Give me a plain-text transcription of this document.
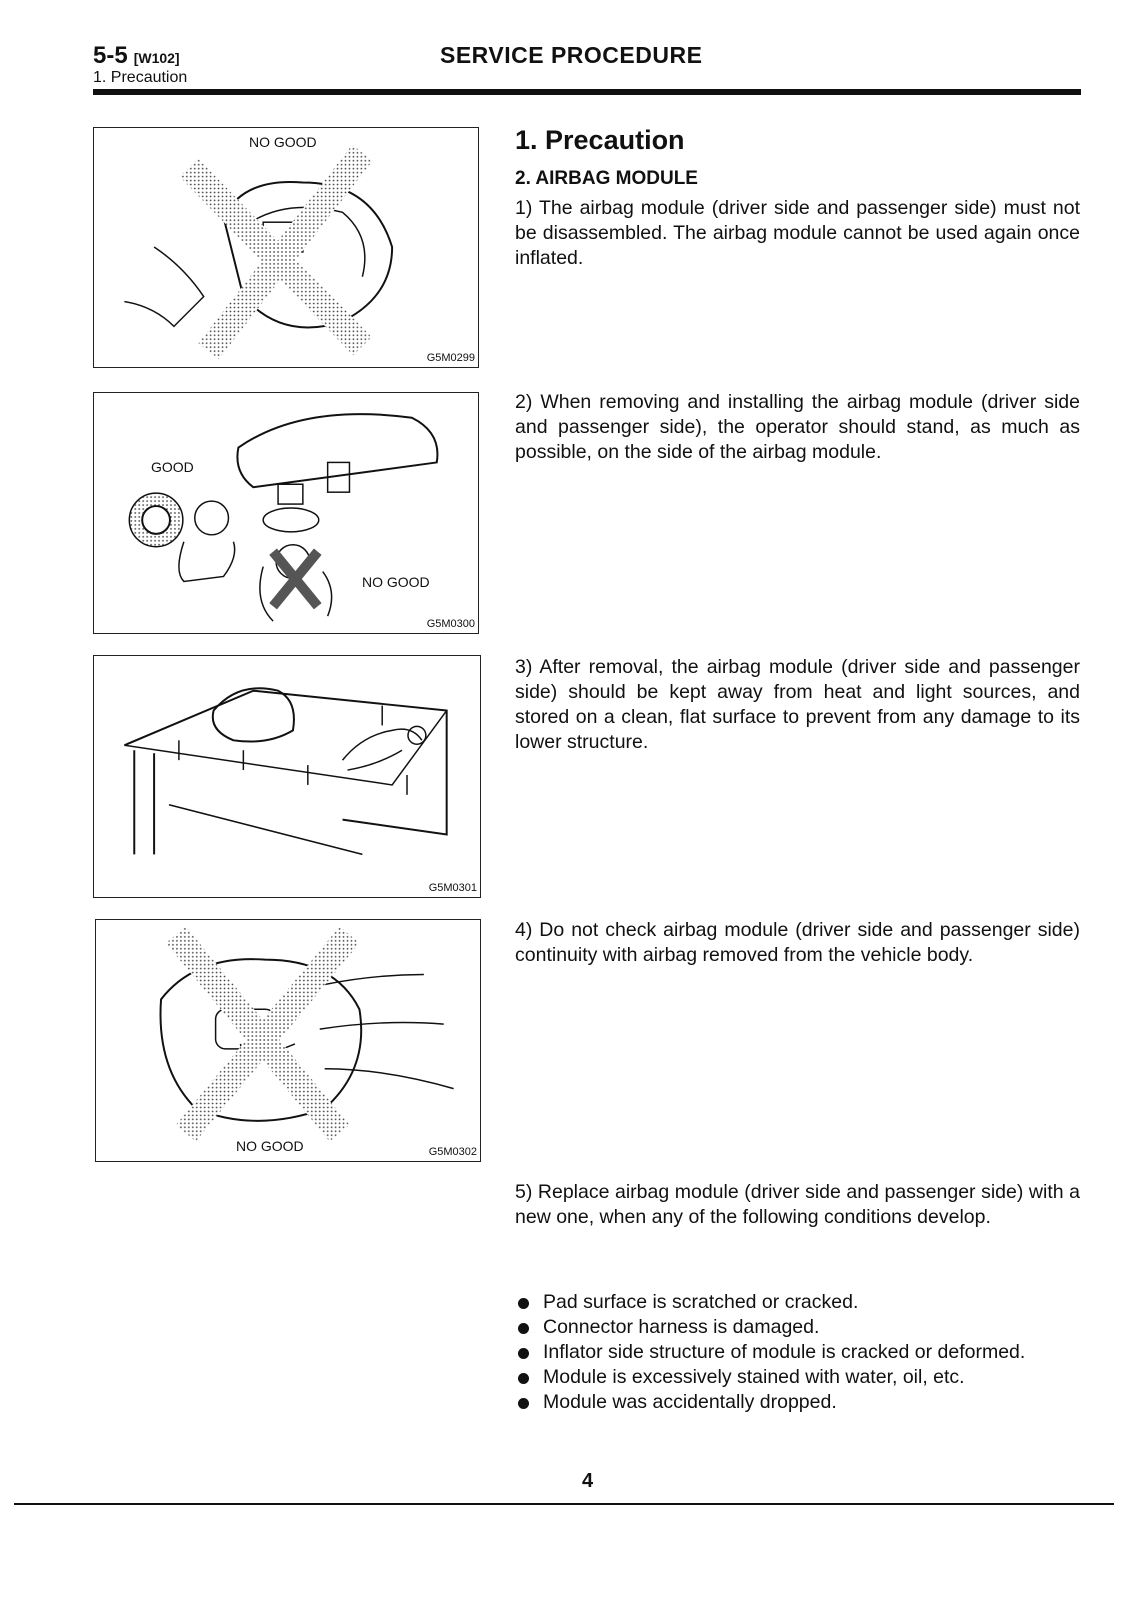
5-5 [W102]
1. Precaution
SERVICE PROCEDURE
NO GOOD
G5M0299
GOOD
NO GOOD
G5M0300
G5M0301
NO GOOD	G5M0302
1. Precaution
2. AIRBAG MODULE
1) The airbag module (driver side and passenger side) must not be disassembled. The airbag module cannot be used again once inflated.
2) When removing and installing the airbag module (driver side and passenger side), the operator should stand, as much as possible, on the side of the airbag module.
3) After removal, the airbag module (driver side and passenger side) should be kept away from heat and light sources, and stored on a clean, flat surface to prevent from any damage to its lower structure.
4) Do not check airbag module (driver side and passenger side) continuity with airbag removed from the vehicle body.
5) Replace airbag module (driver side and passenger side) with a new one, when any of the following conditions develop.
Pad surface is scratched or cracked.
Connector harness is damaged.
Inflator side structure of module is cracked or deformed.
Module is excessively stained with water, oil, etc.
Module was accidentally dropped.
4
